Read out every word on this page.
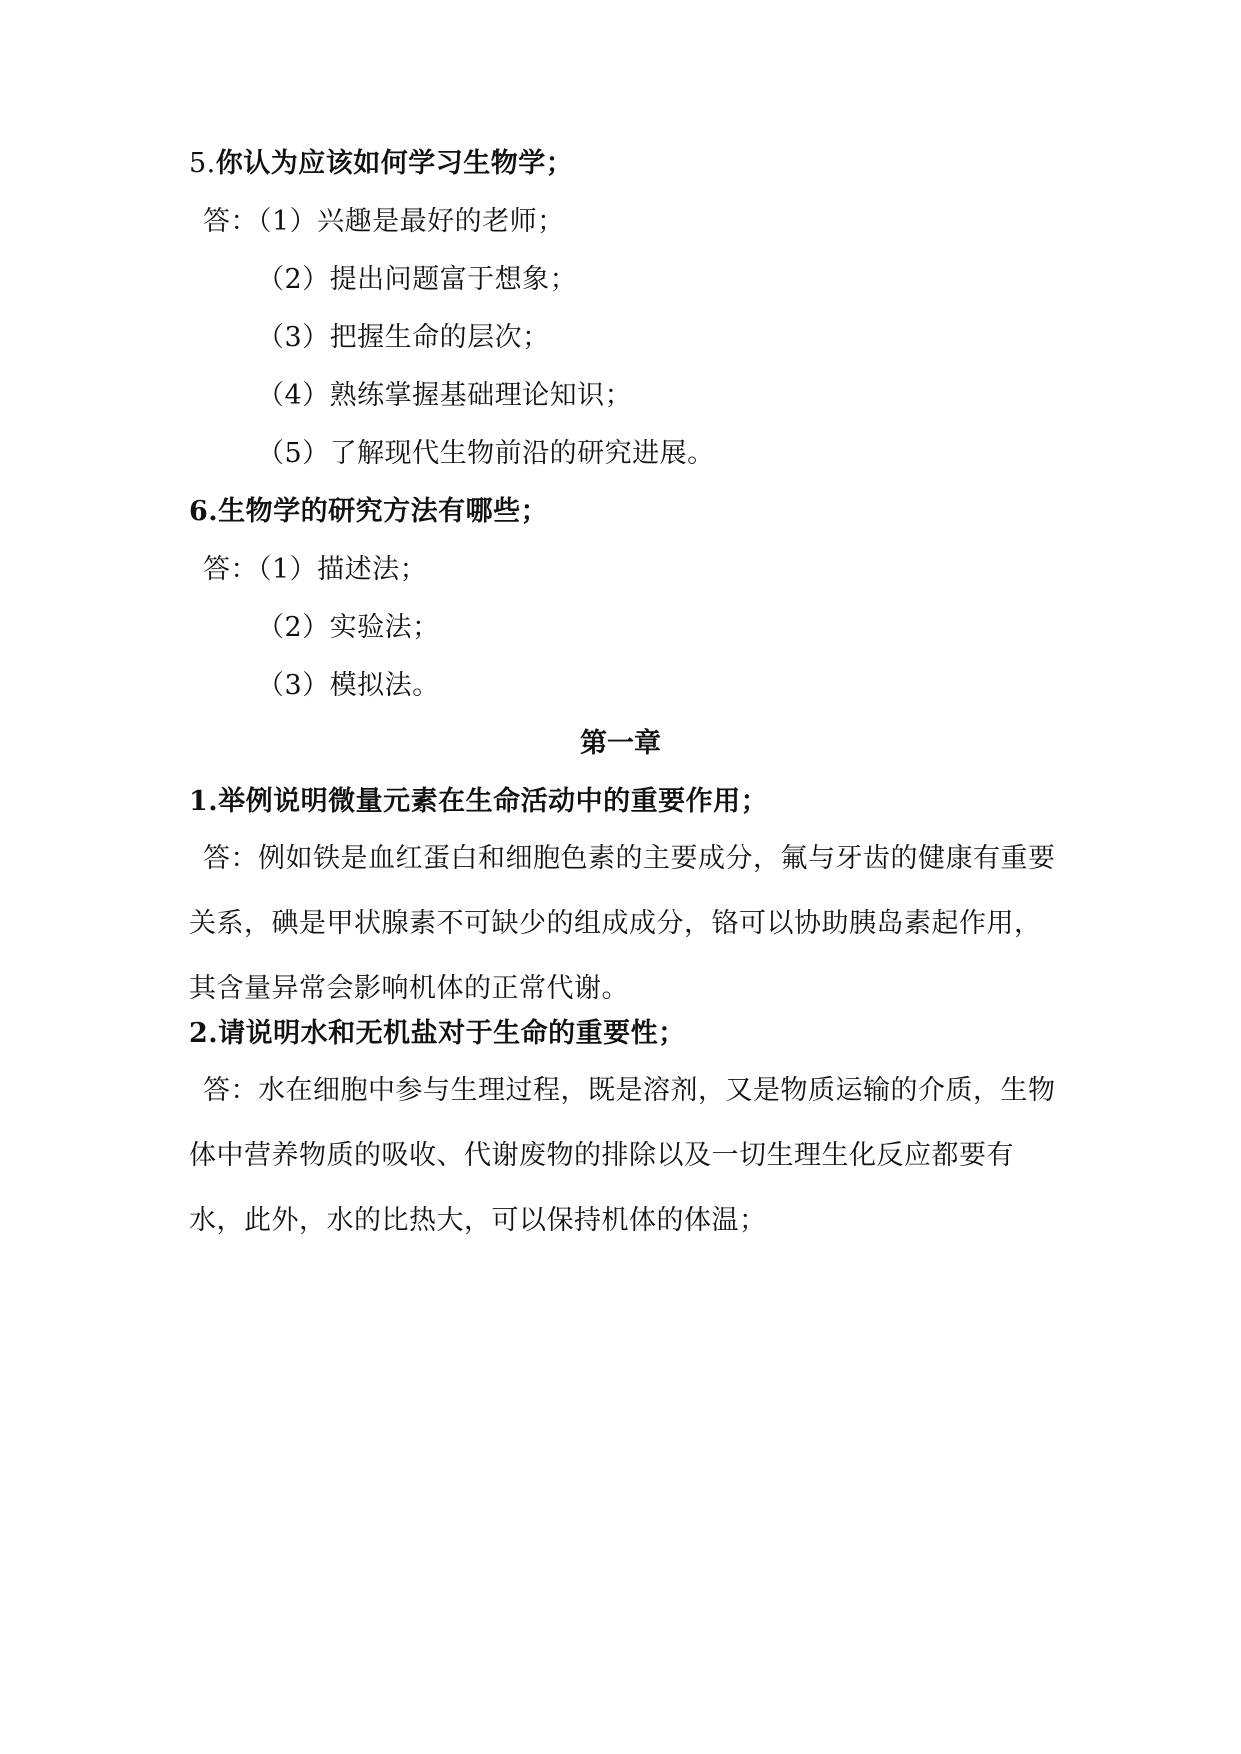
5.你认为应该如何学习生物学；
答：（1）兴趣是最好的老师；
（2）提出问题富于想象；
（3）把握生命的层次；
（4）熟练掌握基础理论知识；
（5）了解现代生物前沿的研究进展。
6.生物学的研究方法有哪些；
答：（1）描述法；
（2）实验法；
（3）模拟法。
第一章
1.举例说明微量元素在生命活动中的重要作用；
答：例如铁是血红蛋白和细胞色素的主要成分，氟与牙齿的健康有重要关系，碘是甲状腺素不可缺少的组成成分，铬可以协助胰岛素起作用，其含量异常会影响机体的正常代谢。
2.请说明水和无机盐对于生命的重要性；
答：水在细胞中参与生理过程，既是溶剂，又是物质运输的介质，生物体中营养物质的吸收、代谢废物的排除以及一切生理生化反应都要有水，此外，水的比热大，可以保持机体的体温；
